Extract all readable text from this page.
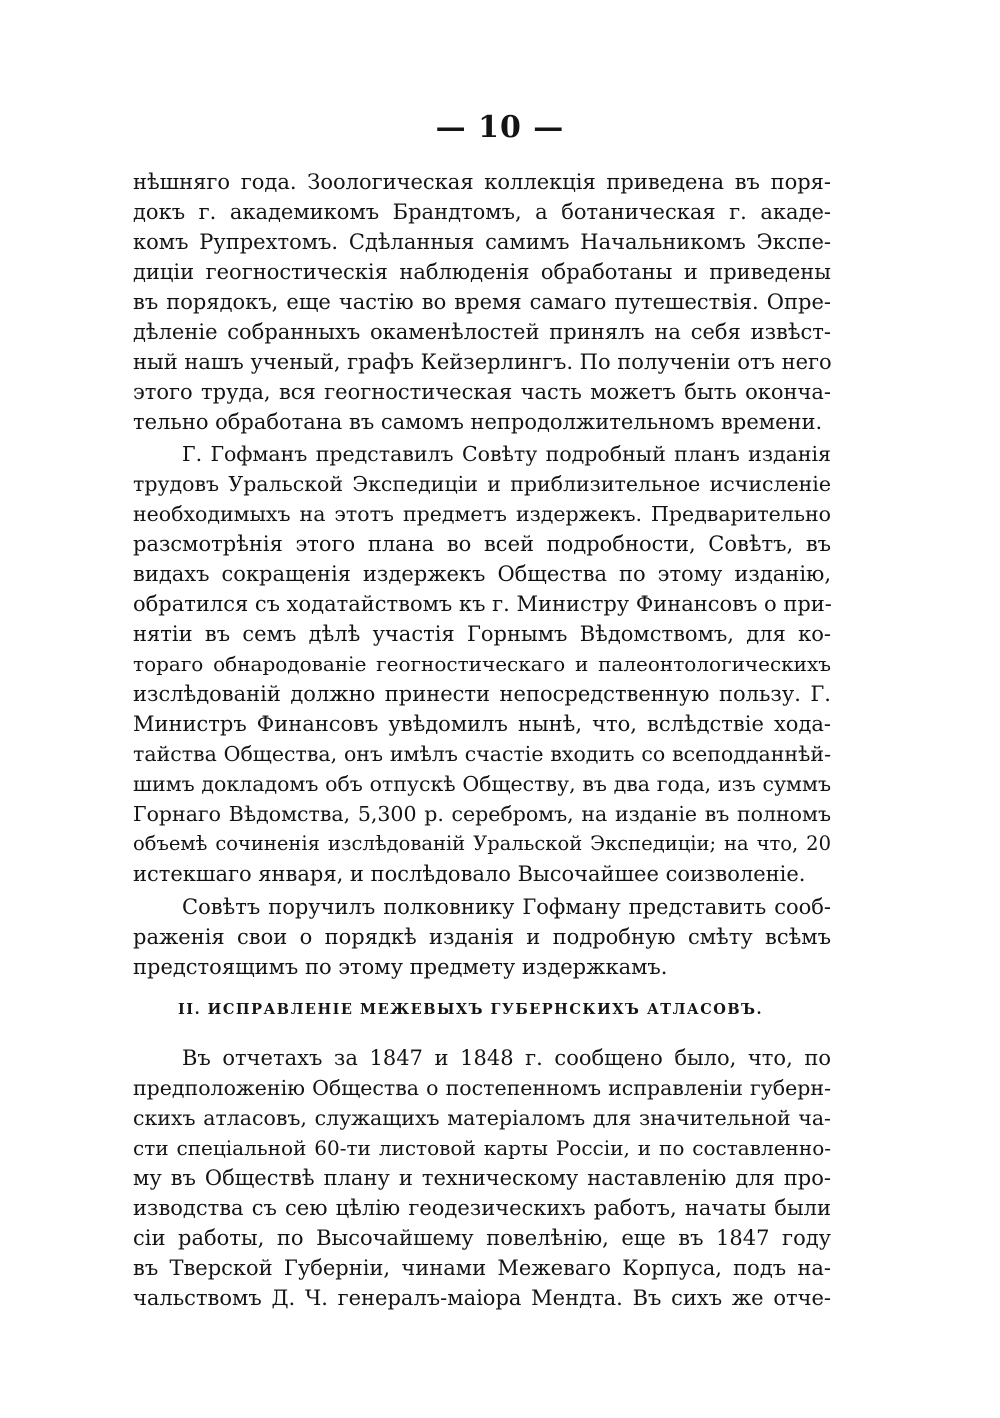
— 10 —
нѣшняго года. Зоологическая коллекція приведена въ поря-
докъ г. академикомъ Брандтомъ, а ботаническая г. акаде-
комъ Рупрехтомъ. Сдѣланныя самимъ Начальникомъ Экспе-
диціи геогностическія наблюденія обработаны и приведены
въ порядокъ, еще частію во время самаго путешествія. Опре-
дѣленіе собранныхъ окаменѣлостей принялъ на себя извѣст-
ный нашъ ученый, графъ Кейзерлингъ. По полученіи отъ него
этого труда, вся геогностическая часть можетъ быть оконча-
тельно обработана въ самомъ непродолжительномъ времени.
Г. Гофманъ представилъ Совѣту подробный планъ изданія
трудовъ Уральской Экспедиціи и приблизительное исчисленіе
необходимыхъ на этотъ предметъ издержекъ. Предварительно
разсмотрѣнія этого плана во всей подробности, Совѣтъ, въ
видахъ сокращенія издержекъ Общества по этому изданію,
обратился съ ходатайствомъ къ г. Министру Финансовъ о при-
нятіи въ семъ дѣлѣ участія Горнымъ Вѣдомствомъ, для ко-
тораго обнародованіе геогностическаго и палеонтологическихъ
изслѣдованій должно принести непосредственную пользу. Г.
Министръ Финансовъ увѣдомилъ нынѣ, что, вслѣдствіе хода-
тайства Общества, онъ имѣлъ счастіе входить со всеподданнѣй-
шимъ докладомъ объ отпускѣ Обществу, въ два года, изъ суммъ
Горнаго Вѣдомства, 5,300 р. серебромъ, на изданіе въ полномъ
объемѣ сочиненія изслѣдованій Уральской Экспедиціи; на что, 20
истекшаго января, и послѣдовало Высочайшее соизволеніе.
Совѣтъ поручилъ полковнику Гофману представить сооб-
раженія свои о порядкѣ изданія и подробную смѣту всѣмъ
предстоящимъ по этому предмету издержкамъ.
II. ИСПРАВЛЕНІЕ МЕЖЕВЫХЪ ГУБЕРНСКИХЪ АТЛАСОВЪ.
Въ отчетахъ за 1847 и 1848 г. сообщено было, что, по
предположенію Общества о постепенномъ исправленіи губерн-
скихъ атласовъ, служащихъ матеріаломъ для значительной ча-
сти спеціальной 60-ти листовой карты Россіи, и по составленно-
му въ Обществѣ плану и техническому наставленію для про-
изводства съ сею цѣлію геодезическихъ работъ, начаты были
сіи работы, по Высочайшему повелѣнію, еще въ 1847 году
въ Тверской Губерніи, чинами Межеваго Корпуса, подъ на-
чальствомъ Д. Ч. генералъ-маіора Мендта. Въ сихъ же отче-
